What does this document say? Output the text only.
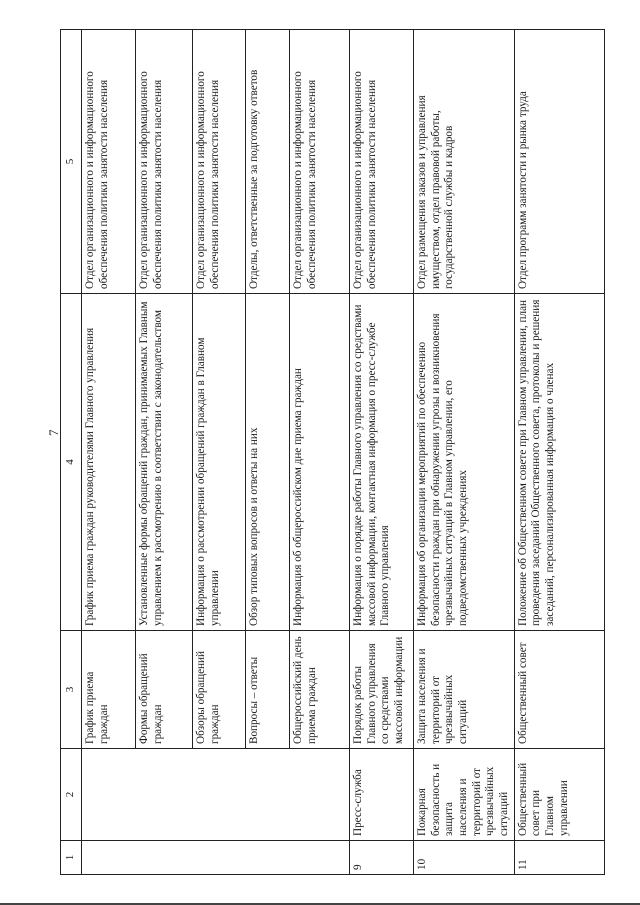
7
1	2	3	4	5
		График приема граждан	График приема граждан руководителями Главного управления	Отдел организационного и информационного обеспечения политики занятости населения
		Формы обращений граждан	Установленные формы обращений граждан, принимаемых Главным управлением к рассмотрению в соответствии с законодательством	Отдел организационного и информационного обеспечения политики занятости населения
		Обзоры обращений граждан	Информация о рассмотрении обращений граждан в Главном управлении	Отдел организационного и информационного обеспечения политики занятости населения
		Вопросы – ответы	Обзор типовых вопросов и ответы на них	Отделы, ответственные за подготовку ответов
		Общероссийский день приема граждан	Информация об общероссийском дне приема граждан	Отдел организационного и информационного обеспечения политики занятости населения
9	Пресс-служба	Порядок работы Главного управления со средствами массовой информации	Информация о порядке работы Главного управления со средствами массовой информации, контактная информация о пресс-службе Главного управления	Отдел организационного и информационного обеспечения политики занятости населения
10	Пожарная безопасность и защита населения и территорий от чрезвычайных ситуаций	Защита населения и территорий от чрезвычайных ситуаций	Информация об организации мероприятий по обеспечению безопасности граждан при обнаружении угрозы и возникновения чрезвычайных ситуаций в Главном управлении, его подведомственных учреждениях	Отдел размещения заказов и управления имуществом, отдел правовой работы, государственной службы и кадров
11	Общественный совет при Главном управлении	Общественный совет	Положение об Общественном совете при Главном управлении, план проведения заседаний Общественного совета, протоколы и решения заседаний, персонализированная информация о членах	Отдел программ занятости и рынка труда
